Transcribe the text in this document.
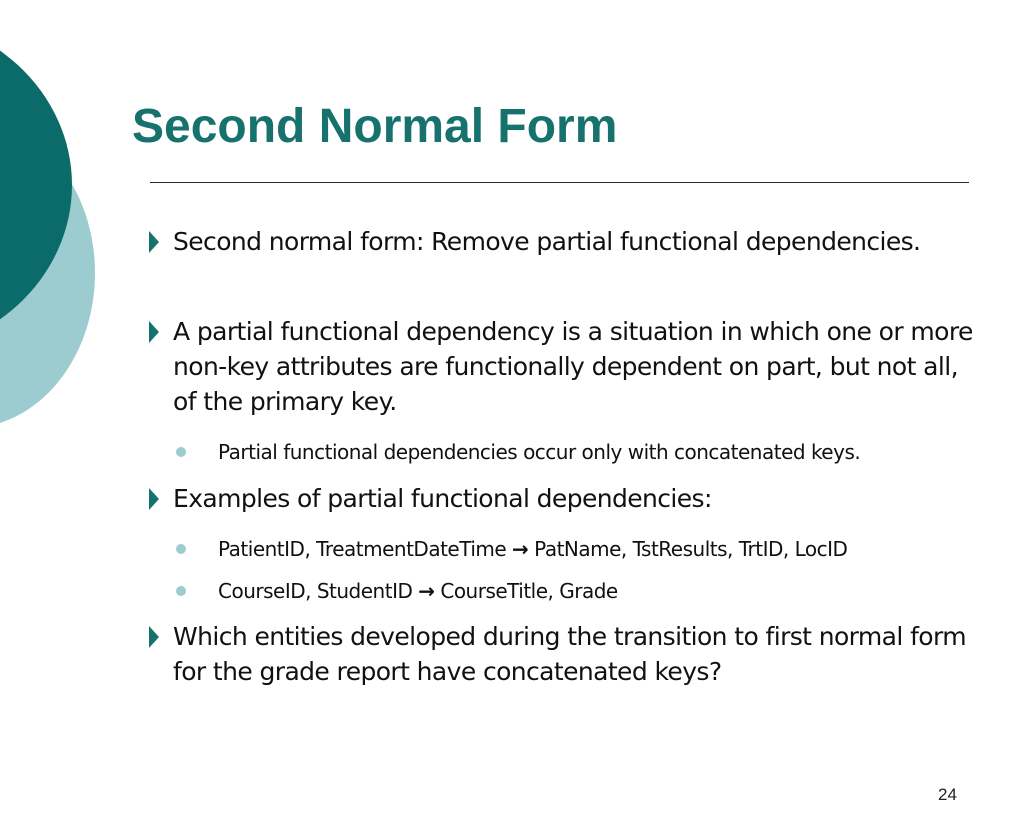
Second Normal Form
Second normal form: Remove partial functional dependencies.
A partial functional dependency is a situation in which one or more non-key attributes are functionally dependent on part, but not all, of the primary key.
Partial functional dependencies occur only with concatenated keys.
Examples of partial functional dependencies:
PatientID, TreatmentDateTime → PatName, TstResults, TrtID, LocID
CourseID, StudentID → CourseTitle, Grade
Which entities developed during the transition to first normal form for the grade report have concatenated keys?
24
